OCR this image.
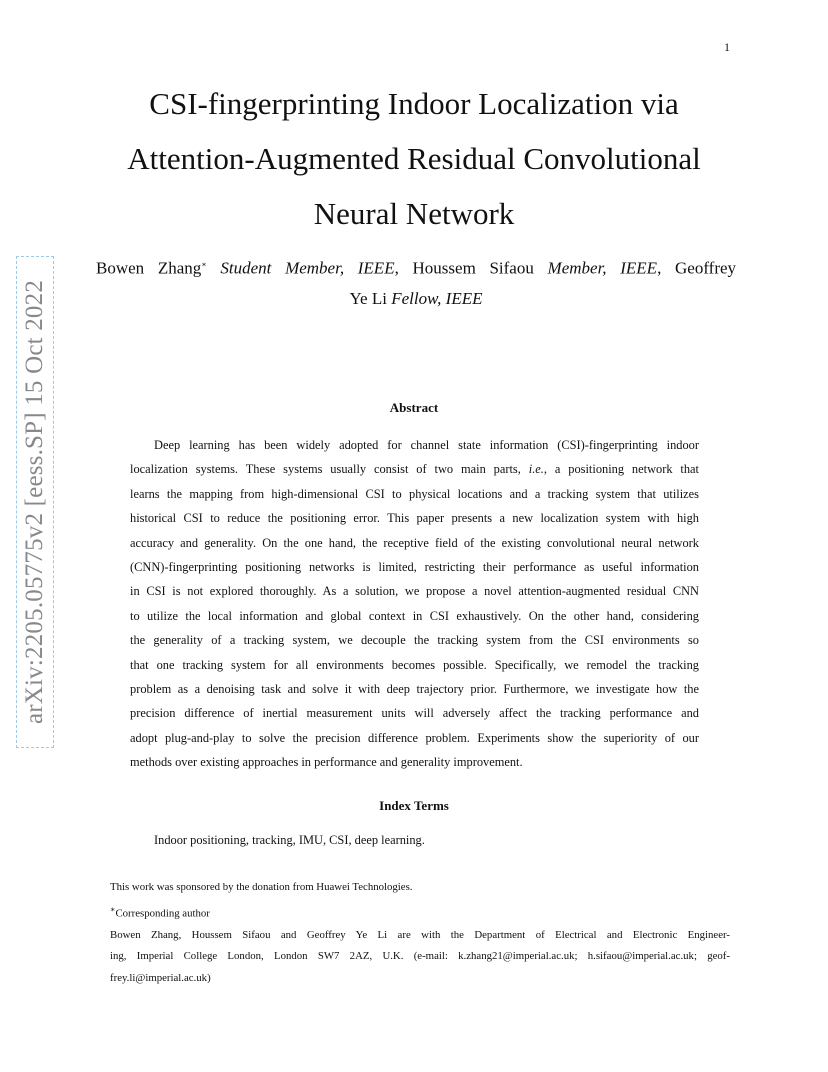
1
arXiv:2205.05775v2 [eess.SP] 15 Oct 2022
CSI-fingerprinting Indoor Localization via
Attention-Augmented Residual Convolutional
Neural Network
Bowen Zhang∗ Student Member, IEEE, Houssem Sifaou Member, IEEE, Geoffrey
Ye Li Fellow, IEEE
Abstract
Deep learning has been widely adopted for channel state information (CSI)-fingerprinting indoor
localization systems. These systems usually consist of two main parts, i.e., a positioning network that
learns the mapping from high-dimensional CSI to physical locations and a tracking system that utilizes
historical CSI to reduce the positioning error. This paper presents a new localization system with high
accuracy and generality. On the one hand, the receptive field of the existing convolutional neural network
(CNN)-fingerprinting positioning networks is limited, restricting their performance as useful information
in CSI is not explored thoroughly. As a solution, we propose a novel attention-augmented residual CNN
to utilize the local information and global context in CSI exhaustively. On the other hand, considering
the generality of a tracking system, we decouple the tracking system from the CSI environments so
that one tracking system for all environments becomes possible. Specifically, we remodel the tracking
problem as a denoising task and solve it with deep trajectory prior. Furthermore, we investigate how the
precision difference of inertial measurement units will adversely affect the tracking performance and
adopt plug-and-play to solve the precision difference problem. Experiments show the superiority of our
methods over existing approaches in performance and generality improvement.
Index Terms
Indoor positioning, tracking, IMU, CSI, deep learning.
This work was sponsored by the donation from Huawei Technologies.
∗Corresponding author
Bowen Zhang, Houssem Sifaou and Geoffrey Ye Li are with the Department of Electrical and Electronic Engineer-
ing, Imperial College London, London SW7 2AZ, U.K. (e-mail: k.zhang21@imperial.ac.uk; h.sifaou@imperial.ac.uk; geof-
frey.li@imperial.ac.uk)
